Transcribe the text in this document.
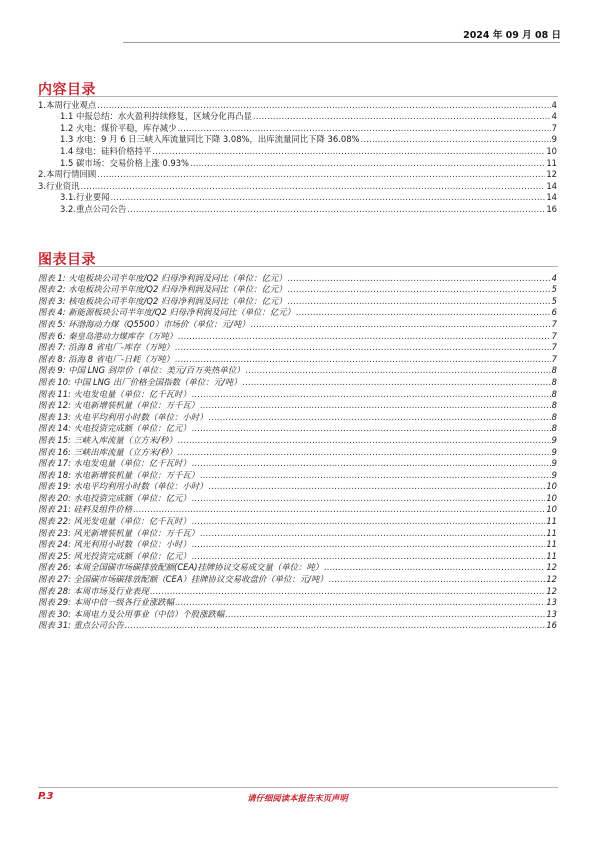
2024 年 09 月 08 日
内容目录
1.本周行业观点 .....	4
1.1 中报总结：水火盈利持续修复，区域分化再凸显 .....	4
1.2 火电：煤价平稳，库存减少 .....	7
1.3 水电：9 月 6 日三峡入库流量同比下降 3.08%，出库流量同比下降 36.08% .....	9
1.4 绿电：硅料价格持平 .....	10
1.5 碳市场：交易价格上涨 0.93% .....	11
2.本周行情回顾 .....	12
3.行业资讯 .....	14
3.1.行业要闻 .....	14
3.2.重点公司公告 .....	16
图表目录
图表 1: 火电板块公司半年度/Q2 归母净利润及同比（单位：亿元） .....	4
图表 2: 水电板块公司半年度/Q2 归母净利润及同比（单位：亿元） .....	5
图表 3: 核电板块公司半年度/Q2 归母净利润及同比（单位：亿元） .....	5
图表 4: 新能源板块公司半年度/Q2 归母净利润及同比（单位：亿元） .....	6
图表 5: 环渤海动力煤（Q5500）市场价（单位：元/吨） .....	7
图表 6: 秦皇岛港动力煤库存（万吨） .....	7
图表 7: 沿海 8 省电厂-库存（万吨） .....	7
图表 8: 沿海 8 省电厂-日耗（万吨） .....	7
图表 9: 中国 LNG 到岸价（单位：美元/百万英热单位） .....	8
图表 10: 中国 LNG 出厂价格全国指数（单位：元/吨） .....	8
图表 11: 火电发电量（单位：亿千瓦时） .....	8
图表 12: 火电新增装机量（单位：万千瓦） .....	8
图表 13: 火电平均利用小时数（单位：小时） .....	8
图表 14: 火电投资完成额（单位：亿元） .....	8
图表 15: 三峡入库流量（立方米/秒） .....	9
图表 16: 三峡出库流量（立方米/秒） .....	9
图表 17: 水电发电量（单位：亿千瓦时） .....	9
图表 18: 水电新增装机量（单位：万千瓦） .....	9
图表 19: 水电平均利用小时数（单位：小时） .....	10
图表 20: 水电投资完成额（单位：亿元） .....	10
图表 21: 硅料及组件价格 .....	10
图表 22: 风光发电量（单位：亿千瓦时） .....	11
图表 23: 风光新增装机量（单位：万千瓦） .....	11
图表 24: 风光利用小时数（单位：小时） .....	11
图表 25: 风光投资完成额（单位：亿元） .....	11
图表 26: 本周全国碳市场碳排放配额(CEA)挂牌协议交易成交量（单位：吨） .....	12
图表 27: 全国碳市场碳排放配额（CEA）挂牌协议交易收盘价（单位：元/吨） .....	12
图表 28: 本周市场及行业表现 .....	12
图表 29: 本周中信一级各行业涨跌幅 .....	13
图表 30: 本周电力及公用事业（中信）个股涨跌幅 .....	13
图表 31: 重点公司公告 .....	16
P.3	请仔细阅读本报告末页声明
